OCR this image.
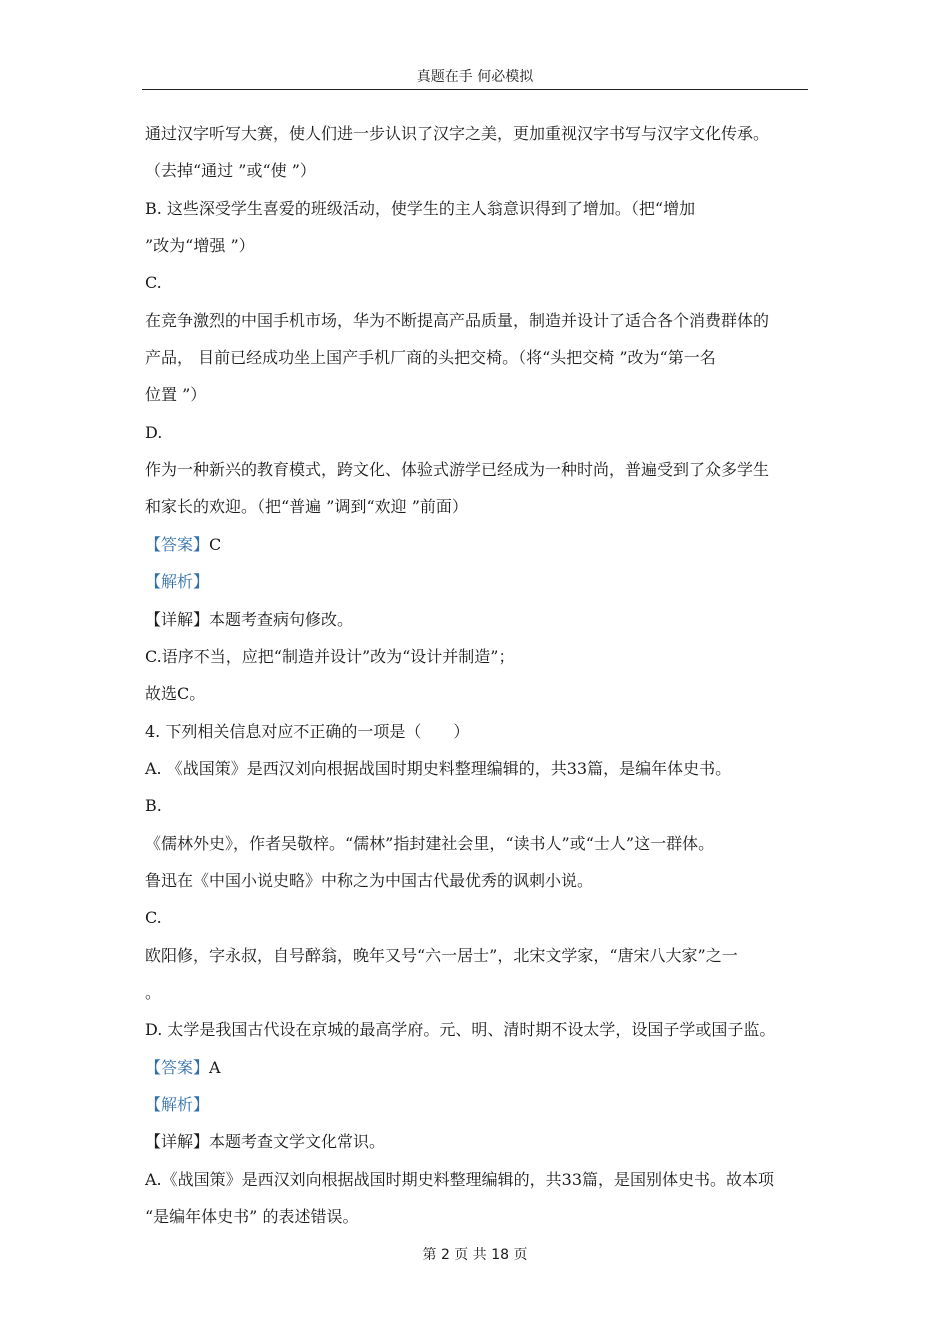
真题在手 何必模拟
通过汉字听写大赛，使人们进一步认识了汉字之美，更加重视汉字书写与汉字文化传承。
（去掉“通过 ”或“使 ”）
B. 这些深受学生喜爱的班级活动，使学生的主人翁意识得到了增加。（把“增加
”改为“增强 ”）
C.
在竞争激烈的中国手机市场，华为不断提高产品质量，制造并设计了适合各个消费群体的
产品， 目前已经成功坐上国产手机厂商的头把交椅。（将“头把交椅 ”改为“第一名
位置 ”）
D.
作为一种新兴的教育模式，跨文化、体验式游学已经成为一种时尚，普遍受到了众多学生
和家长的欢迎。（把“普遍 ”调到“欢迎 ”前面）
【答案】C
【解析】
【详解】本题考查病句修改。
C.语序不当，应把“制造并设计”改为“设计并制造”；
故选C。
4. 下列相关信息对应不正确的一项是（　　）
A. 《战国策》是西汉刘向根据战国时期史料整理编辑的，共33篇，是编年体史书。
B.
《儒林外史》，作者吴敬梓。“儒林”指封建社会里，“读书人”或“士人”这一群体。
鲁迅在《中国小说史略》中称之为中国古代最优秀的讽刺小说。
C.
欧阳修，字永叔，自号醉翁，晚年又号“六一居士”，北宋文学家，“唐宋八大家”之一
。
D. 太学是我国古代设在京城的最高学府。元、明、清时期不设太学，设国子学或国子监。
【答案】A
【解析】
【详解】本题考查文学文化常识。
A.《战国策》是西汉刘向根据战国时期史料整理编辑的，共33篇，是国别体史书。故本项
“是编年体史书” 的表述错误。
第 2 页 共 18 页
